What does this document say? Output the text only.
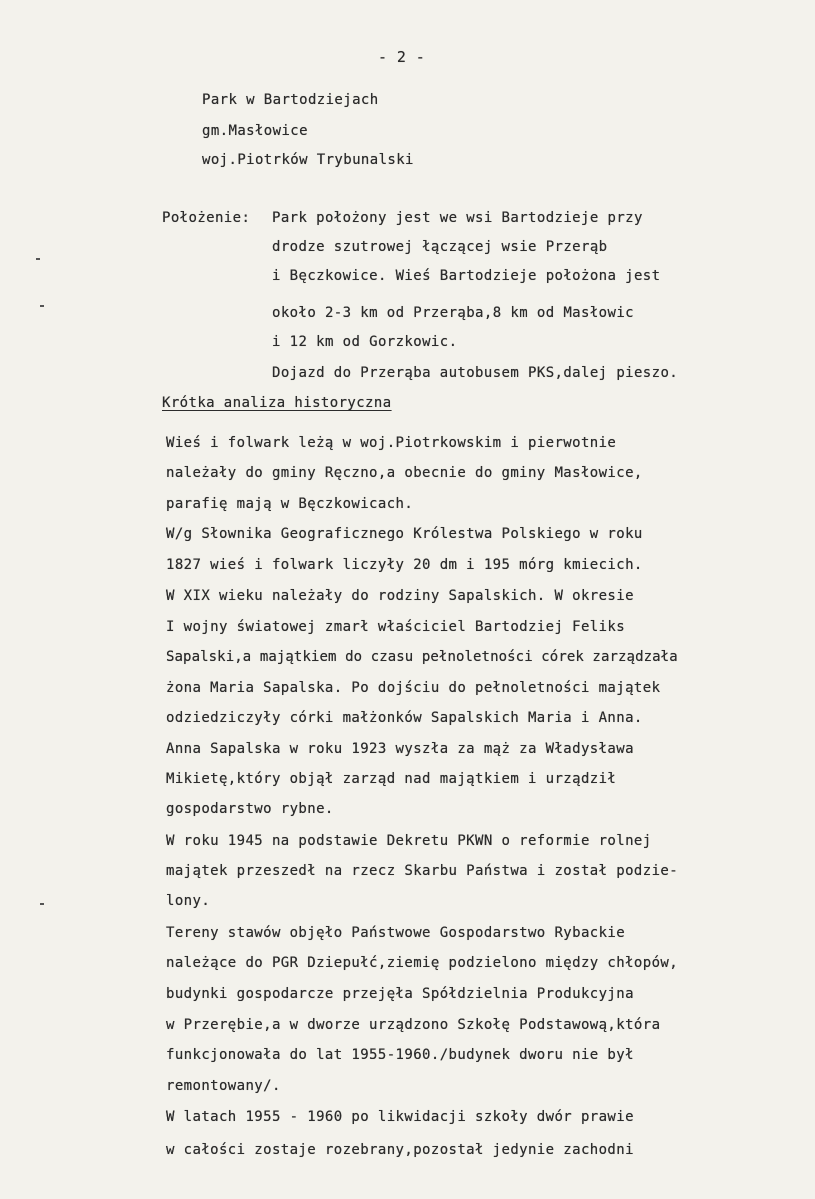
- 2 -
Park w Bartodziejach
gm.Masłowice
woj.Piotrków Trybunalski
Położenie: Park położony jest we wsi Bartodzieje przy
drodze szutrowej łączącej wsie Przerąb
i Bęczkowice. Wieś Bartodzieje położona jest
około 2-3 km od Przerąba,8 km od Masłowic
i 12 km od Gorzkowic.
Dojazd do Przerąba autobusem PKS,dalej pieszo.
Krótka analiza historyczna
Wieś i folwark leżą w woj.Piotrkowskim i pierwotnie
należały do gminy Ręczno,a obecnie do gminy Masłowice,
parafię mają w Bęczkowicach.
W/g Słownika Geograficznego Królestwa Polskiego w roku
1827 wieś i folwark liczyły 20 dm i 195 mórg kmiecich.
W XIX wieku należały do rodziny Sapalskich. W okresie
I wojny światowej zmarł właściciel Bartodziej Feliks
Sapalski,a majątkiem do czasu pełnoletności córek zarządzała
żona Maria Sapalska. Po dojściu do pełnoletności majątek
odziedziczyły córki małżonków Sapalskich Maria i Anna.
Anna Sapalska w roku 1923 wyszła za mąż za Władysława
Mikietę,który objął zarząd nad majątkiem i urządził
gospodarstwo rybne.
W roku 1945 na podstawie Dekretu PKWN o reformie rolnej
majątek przeszedł na rzecz Skarbu Państwa i został podzie-
lony.
Tereny stawów objęło Państwowe Gospodarstwo Rybackie
należące do PGR Dziepułć,ziemię podzielono między chłopów,
budynki gospodarcze przejęła Spółdzielnia Produkcyjna
w Przerębie,a w dworze urządzono Szkołę Podstawową,która
funkcjonowała do lat 1955-1960./budynek dworu nie był
remontowany/.
W latach 1955 - 1960 po likwidacji szkoły dwór prawie
w całości zostaje rozebrany,pozostał jedynie zachodni
